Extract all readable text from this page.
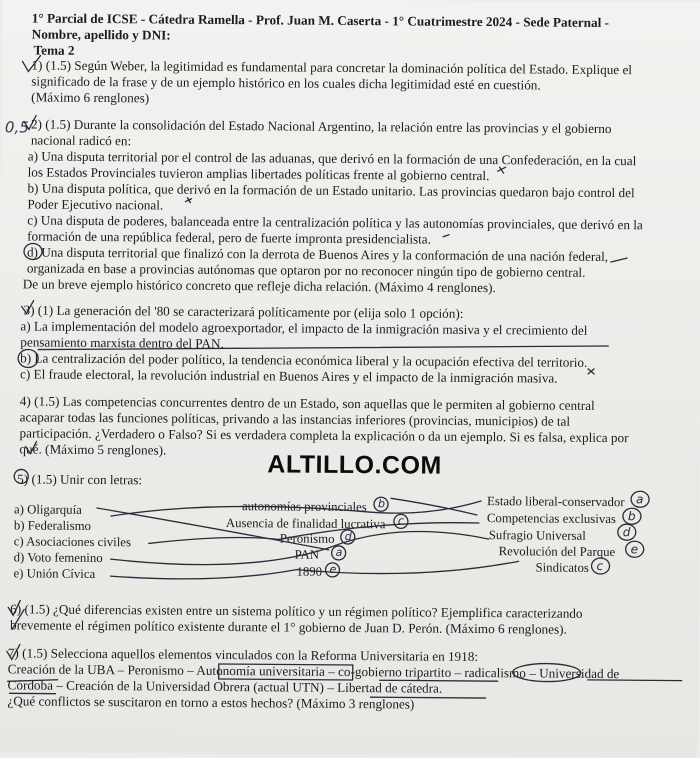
1° Parcial de ICSE - Cátedra Ramella - Prof. Juan M. Caserta - 1° Cuatrimestre 2024 - Sede Paternal -
Nombre, apellido y DNI:
Tema 2
1) (1.5) Según Weber, la legitimidad es fundamental para concretar la dominación política del Estado. Explique el
significado de la frase y de un ejemplo histórico en los cuales dicha legitimidad esté en cuestión.
(Máximo 6 renglones)
2) (1.5) Durante la consolidación del Estado Nacional Argentino, la relación entre las provincias y el gobierno
nacional radicó en:
a) Una disputa territorial por el control de las aduanas, que derivó en la formación de una Confederación, en la cual
los Estados Provinciales tuvieron amplias libertades políticas frente al gobierno central.
b) Una disputa política, que derivó en la formación de un Estado unitario. Las provincias quedaron bajo control del
Poder Ejecutivo nacional.
c) Una disputa de poderes, balanceada entre la centralización política y las autonomías provinciales, que derivó en la
formación de una república federal, pero de fuerte impronta presidencialista.
d) Una disputa territorial que finalizó con la derrota de Buenos Aires y la conformación de una nación federal,
organizada en base a provincias autónomas que optaron por no reconocer ningún tipo de gobierno central.
De un breve ejemplo histórico concreto que refleje dicha relación. (Máximo 4 renglones).
3) (1) La generación del '80 se caracterizará políticamente por (elija solo 1 opción):
a) La implementación del modelo agroexportador, el impacto de la inmigración masiva y el crecimiento del
pensamiento marxista dentro del PAN.
b) La centralización del poder político, la tendencia económica liberal y la ocupación efectiva del territorio.
c) El fraude electoral, la revolución industrial en Buenos Aires y el impacto de la inmigración masiva.
4) (1.5) Las competencias concurrentes dentro de un Estado, son aquellas que le permiten al gobierno central
acaparar todas las funciones políticas, privando a las instancias inferiores (provincias, municipios) de tal
participación. ¿Verdadero o Falso? Si es verdadera completa la explicación o da un ejemplo. Si es falsa, explica por
qué. (Máximo 5 renglones).
ALTILLO.COM
5) (1.5) Unir con letras:
a) Oligarquía
b) Federalismo
c) Asociaciones civiles
d) Voto femenino
e) Unión Cívica
autonomías provinciales
Ausencia de finalidad lucrativa
Peronismo
PAN
1890
Estado liberal-conservador
Competencias exclusivas
Sufragio Universal
Revolución del Parque
Sindicatos
b
c
d
a
e
a
b
d
e
c
6) (1.5) ¿Qué diferencias existen entre un sistema político y un régimen político? Ejemplifica caracterizando
brevemente el régimen político existente durante el 1° gobierno de Juan D. Perón. (Máximo 6 renglones).
7) (1.5) Selecciona aquellos elementos vinculados con la Reforma Universitaria en 1918:
Creación de la UBA – Peronismo – Autonomía universitaria – co-gobierno tripartito – radicalismo – Universidad de
Córdoba – Creación de la Universidad Obrera (actual UTN) – Libertad de cátedra.
¿Qué conflictos se suscitaron en torno a estos hechos? (Máximo 3 renglones)
0,5
